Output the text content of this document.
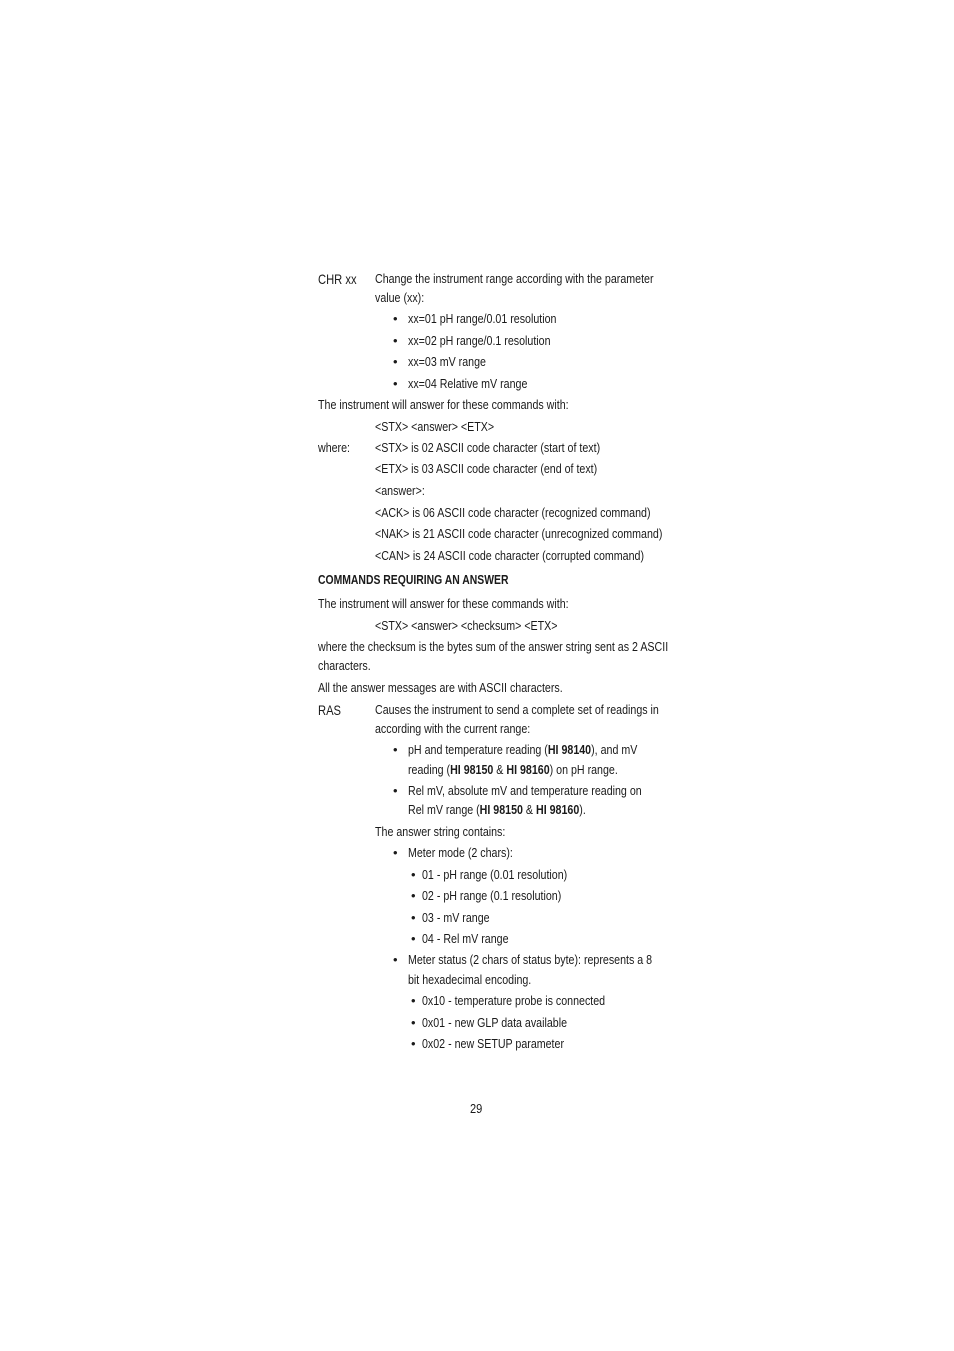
CHR xx Change the instrument range according with the parameter
value (xx):
• xx=01 pH range/0.01 resolution
• xx=02 pH range/0.1 resolution
• xx=03 mV range
• xx=04 Relative mV range
The instrument will answer for these commands with:
<STX> <answer> <ETX>
where: <STX> is 02 ASCII code character (start of text)
<ETX> is 03 ASCII code character (end of text)
<answer>:
<ACK> is 06 ASCII code character (recognized command)
<NAK> is 21 ASCII code character (unrecognized command)
<CAN> is 24 ASCII code character (corrupted command)
COMMANDS REQUIRING AN ANSWER
The instrument will answer for these commands with:
<STX> <answer> <checksum> <ETX>
where the checksum is the bytes sum of the answer string sent as 2 ASCII
characters.
All the answer messages are with ASCII characters.
RAS	Causes the instrument to send a complete set of readings in
according with the current range:
• pH and temperature reading (HI 98140), and mV
reading (HI 98150 & HI 98160) on pH range.
• Rel mV, absolute mV and temperature reading on
Rel mV range (HI 98150 & HI 98160).
The answer string contains:
• Meter mode (2 chars):
• 01 - pH range (0.01 resolution)
• 02 - pH range (0.1 resolution)
• 03 - mV range
• 04 - Rel mV range
• Meter status (2 chars of status byte): represents a 8
bit hexadecimal encoding.
• 0x10 - temperature probe is connected
• 0x01 - new GLP data available
• 0x02 - new SETUP parameter
29
